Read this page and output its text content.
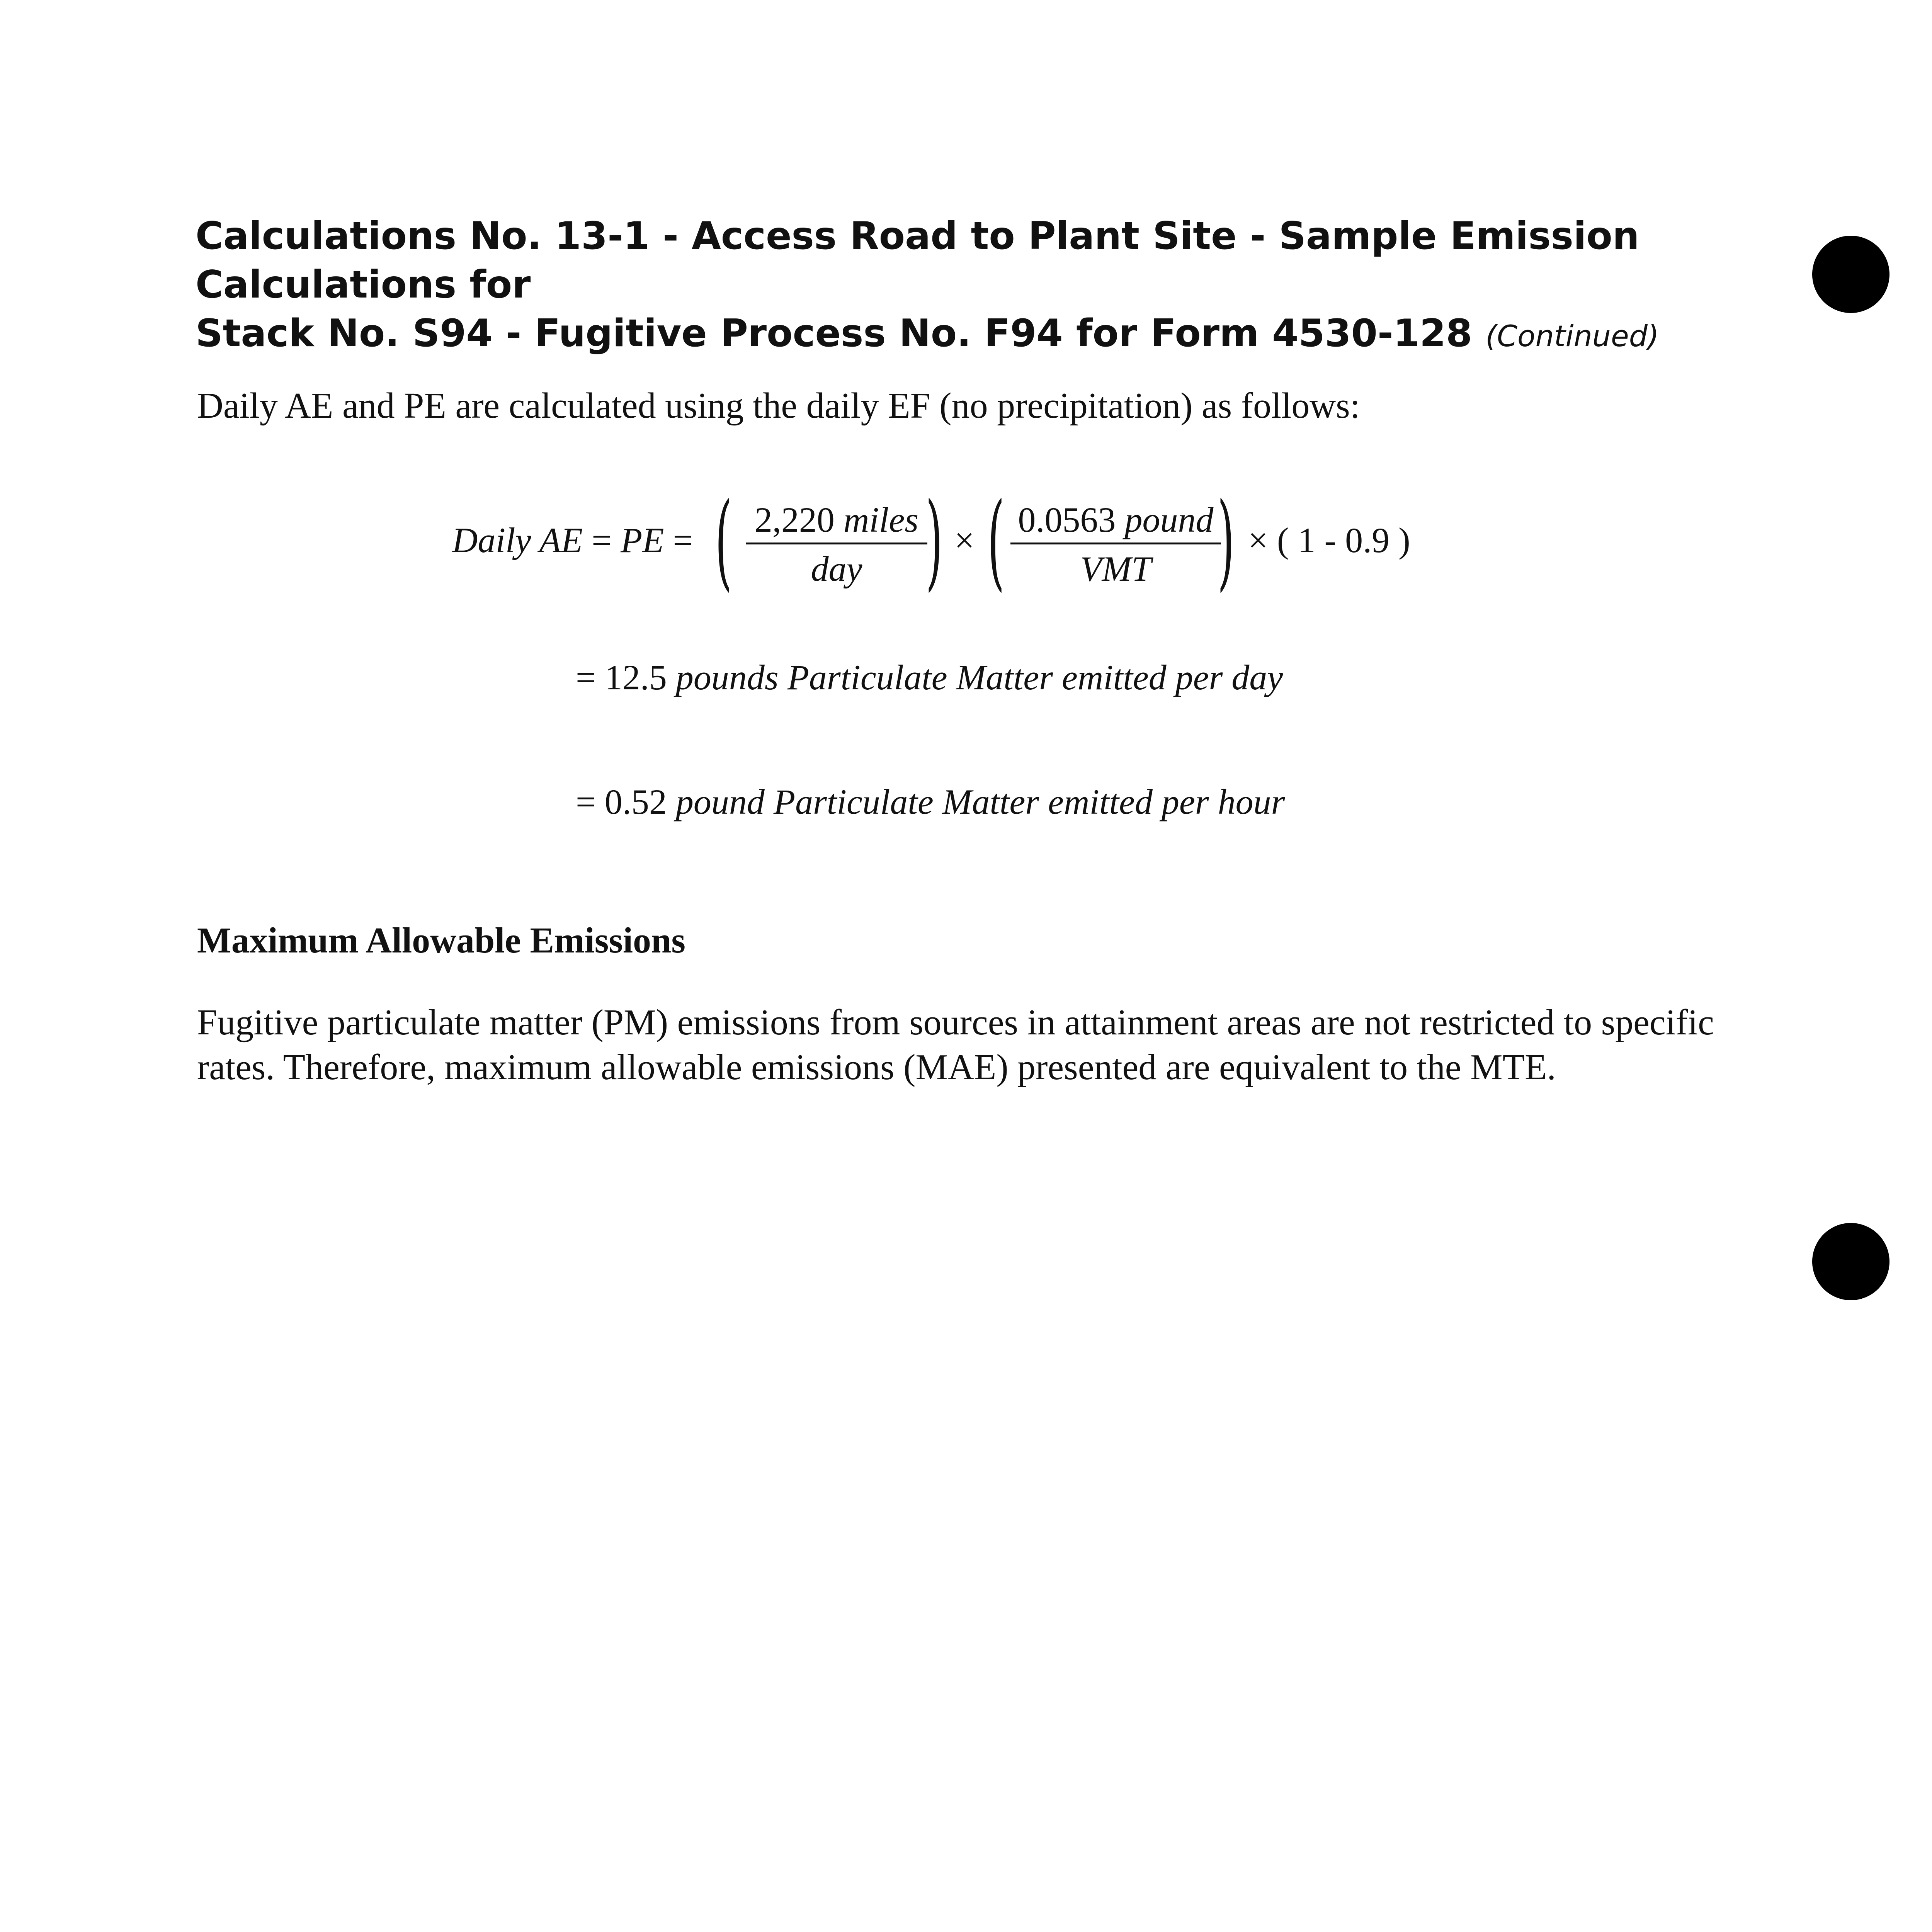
Calculations No. 13-1 - Access Road to Plant Site - Sample Emission Calculations for
Stack No. S94 - Fugitive Process No. F94 for Form 4530-128 (Continued)

Daily AE and PE are calculated using the daily EF (no precipitation) as follows:

Daily AE = PE = ( 2,220 miles
day ) × ( 0.0563 pound
VMT ) × ( 1 - 0.9 )
= 12.5 pounds Particulate Matter emitted per day
= 0.52 pound Particulate Matter emitted per hour
Maximum Allowable Emissions

Fugitive particulate matter (PM) emissions from sources in attainment areas are not restricted to specific rates. Therefore, maximum allowable emissions (MAE) presented are equivalent to the MTE.
